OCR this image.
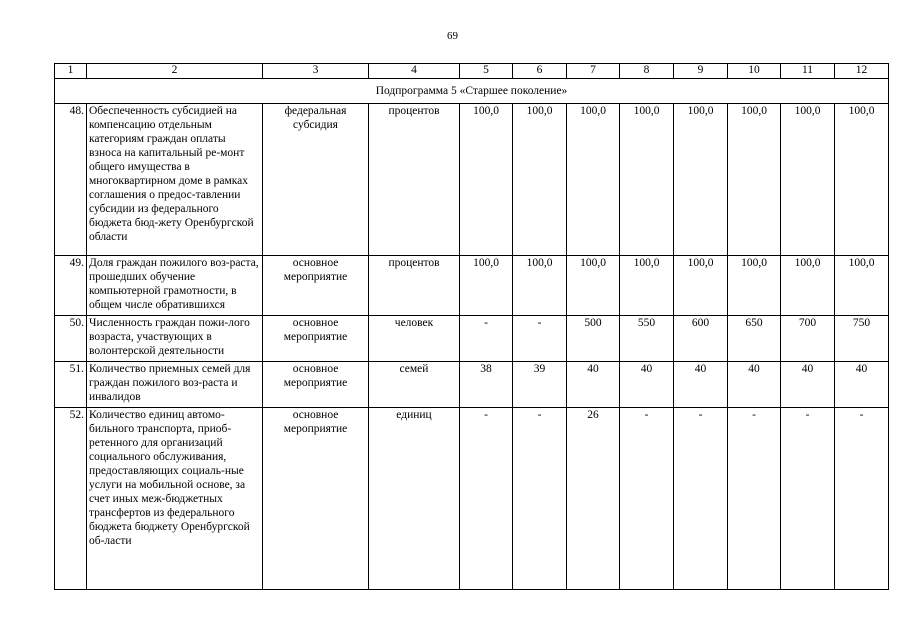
69
1	2	3	4	5	6	7	8	9	10	11	12
Подпрограмма 5 «Старшее поколение»											
48.	Обеспеченность субсидией на компенсацию отдельным категориям граждан оплаты взноса на капитальный ре-монт общего имущества в многоквартирном доме в рамках соглашения о предос-тавлении субсидии из федерального бюджета бюд-жету Оренбургской области	федеральная субсидия	процентов	100,0	100,0	100,0	100,0	100,0	100,0	100,0	100,0
49.	Доля граждан пожилого воз-раста, прошедших обучение компьютерной грамотности, в общем числе обратившихся	основное мероприятие	процентов	100,0	100,0	100,0	100,0	100,0	100,0	100,0	100,0
50.	Численность граждан пожи-лого возраста, участвующих в волонтерской деятельности	основное мероприятие	человек	-	-	500	550	600	650	700	750
51.	Количество приемных семей для граждан пожилого воз-раста и инвалидов	основное мероприятие	семей	38	39	40	40	40	40	40	40
52.	Количество единиц автомо-бильного транспорта, приоб-ретенного для организаций социального обслуживания, предоставляющих социаль-ные услуги на мобильной основе, за счет иных меж-бюджетных трансфертов из федерального бюджета бюджету Оренбургской об-ласти	основное мероприятие	единиц	-	-	26	-	-	-	-	-
